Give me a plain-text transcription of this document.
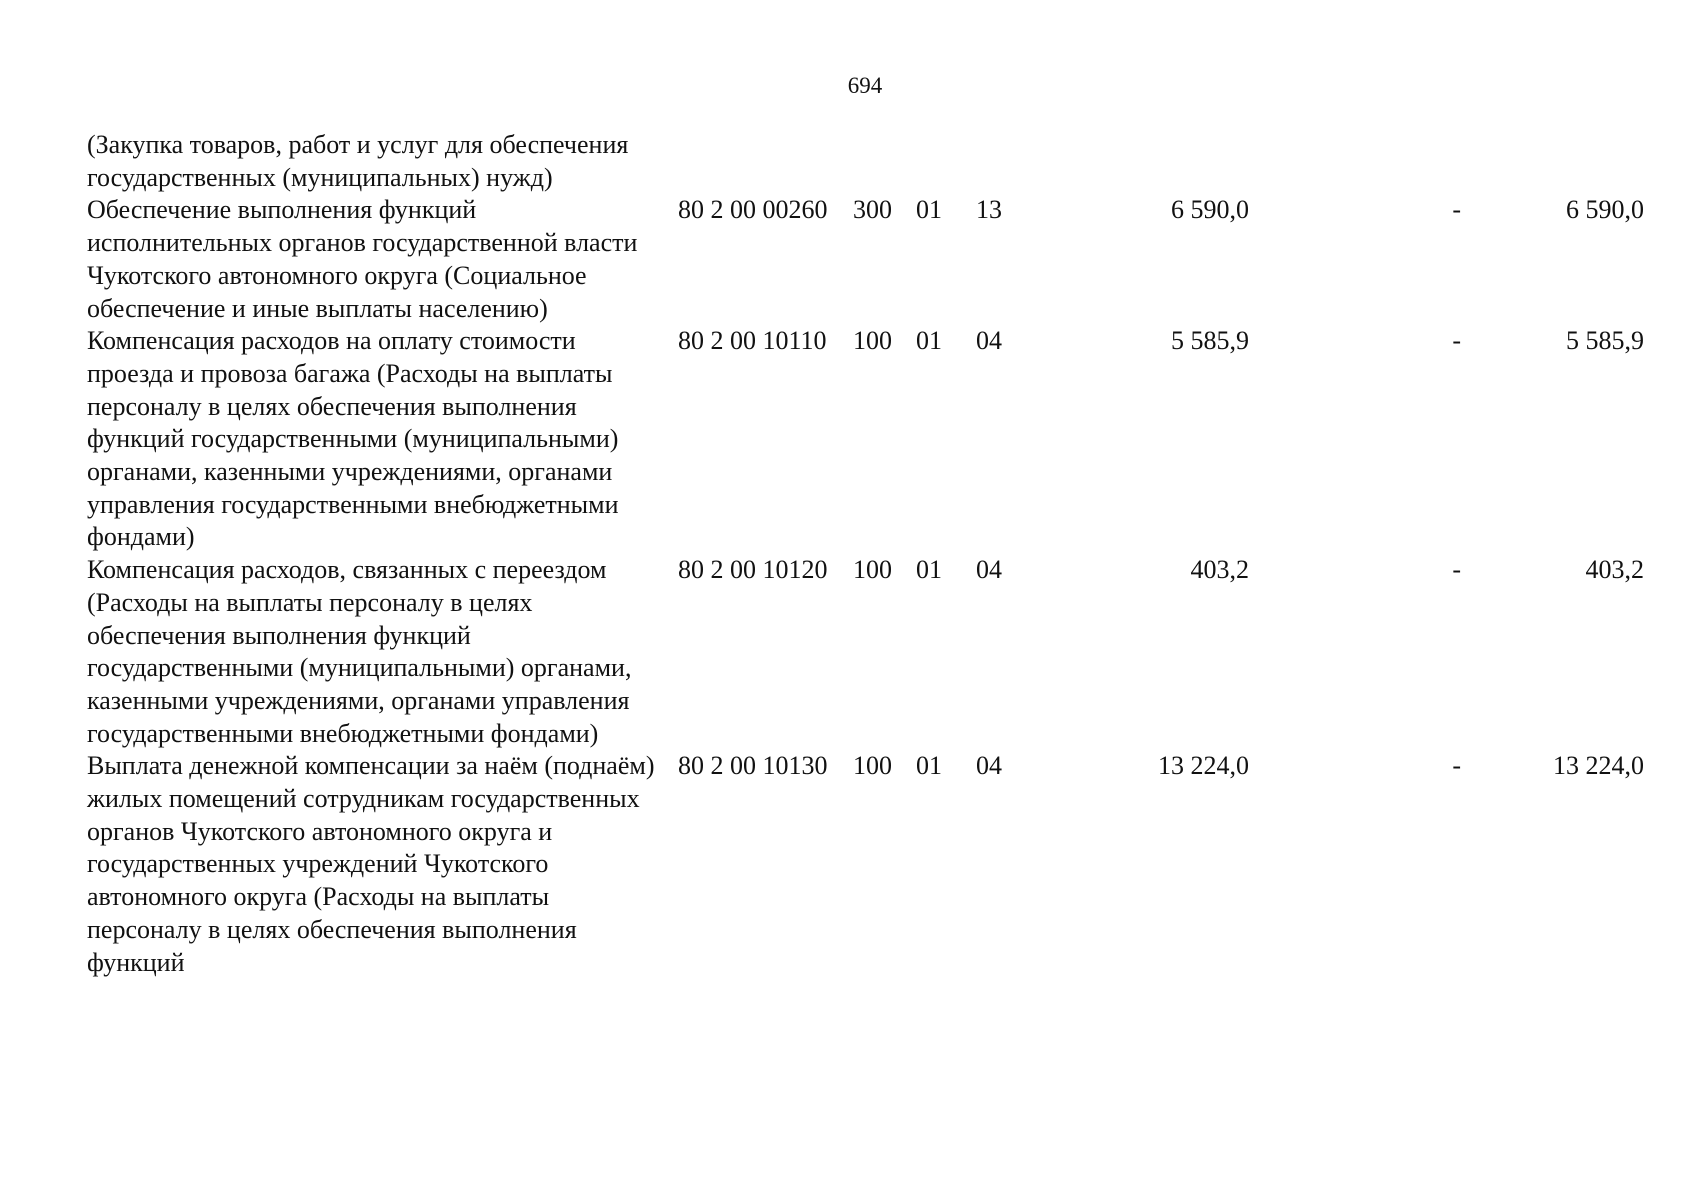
694
(Закупка товаров, работ и услуг для обеспечения государственных (муниципальных) нужд)							
Обеспечение выполнения функций исполнительных органов государственной власти Чукотского автономного округа (Социальное обеспечение и иные выплаты населению)	80 2 00 00260	300	01	13	6 590,0	-	6 590,0
Компенсация расходов на оплату стоимости проезда и провоза багажа (Расходы на выплаты персоналу в целях обеспечения выполнения функций государственными (муниципальными) органами, казенными учреждениями, органами управления государственными внебюджетными фондами)	80 2 00 10110	100	01	04	5 585,9	-	5 585,9
Компенсация расходов, связанных с переездом (Расходы на выплаты персоналу в целях обеспечения выполнения функций государственными (муниципальными) органами, казенными учреждениями, органами управления государственными внебюджетными фондами)	80 2 00 10120	100	01	04	403,2	-	403,2
Выплата денежной компенсации за наём (поднаём) жилых помещений сотрудникам государственных органов Чукотского автономного округа и государственных учреждений Чукотского автономного округа (Расходы на выплаты персоналу в целях обеспечения выполнения функций	80 2 00 10130	100	01	04	13 224,0	-	13 224,0
